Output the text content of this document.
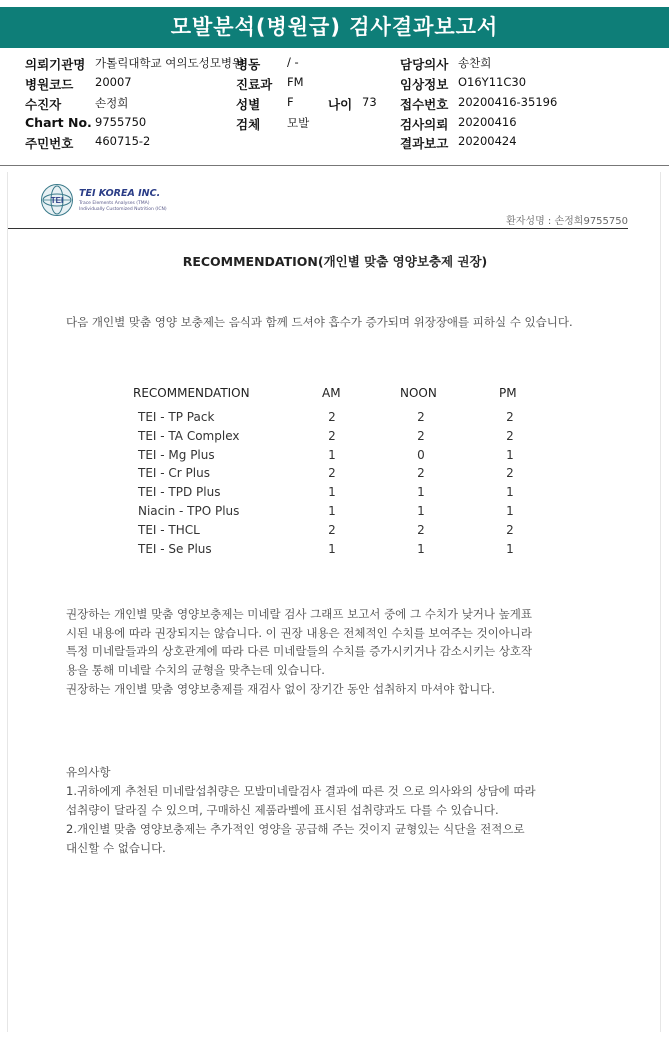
모발분석(병원급) 검사결과보고서
의뢰기관명 가톨릭대학교 여의도성모병원
병동 / -	담당의사 송찬희
병원코드 20007	진료과 FM	임상정보 O16Y11C30
수진자	손정희	성별 F	나이 73 접수번호 20200416-35196
Chart No. 9755750	검체 모발	검사의뢰 20200416
주민번호 460715-2	결과보고 20200424
TEI
TEI KOREA INC.
Trace Elements Analyses (TMA)
Individually Customized Nutrition (ICN)
환자성명 : 손정희9755750
RECOMMENDATION(개인별 맞춤 영양보충제 권장)
다음 개인별 맞춤 영양 보충제는 음식과 함께 드셔야 흡수가 증가되며 위장장애를 피하실 수 있습니다.
RECOMMENDATION	AM	NOON	PM
TEI - TP Pack	2	2	2
TEI - TA Complex	2	2	2
TEI - Mg Plus	1	0	1
TEI - Cr Plus	2	2	2
TEI - TPD Plus	1	1	1
Niacin - TPO Plus	1	1	1
TEI - THCL	2	2	2
TEI - Se Plus	1	1	1
권장하는 개인별 맞춤 영양보충제는 미네랄 검사 그래프 보고서 중에 그 수치가 낮거나 높게표
시된 내용에 따라 권장되지는 않습니다. 이 권장 내용은 전체적인 수치를 보여주는 것이아니라
특정 미네랄들과의 상호관계에 따라 다른 미네랄들의 수치를 증가시키거나 감소시키는 상호작
용을 통해 미네랄 수치의 균형을 맞추는데 있습니다.
권장하는 개인별 맞춤 영양보충제를 재검사 없이 장기간 동안 섭취하지 마셔야 합니다.
유의사항
1.귀하에게 추천된 미네랄섭취량은 모발미네랄검사 결과에 따른 것 으로 의사와의 상담에 따라
섭취량이 달라질 수 있으며, 구매하신 제품라벨에 표시된 섭취량과도 다를 수 있습니다.
2.개인별 맞춤 영양보충제는 추가적인 영양을 공급해 주는 것이지 균형있는 식단을 전적으로
대신할 수 없습니다.
